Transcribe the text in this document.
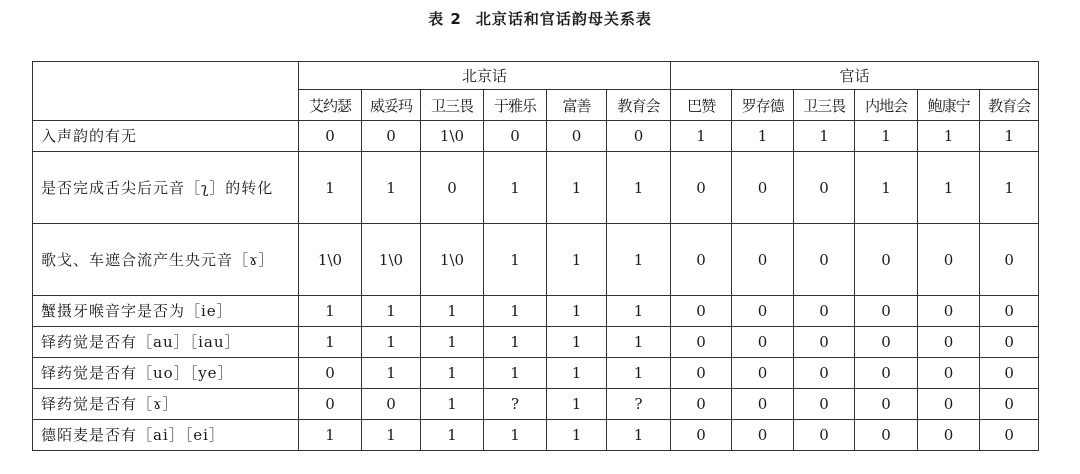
表 2 北京话和官话韵母关系表
	北京话						官话					
	艾约瑟	威妥玛	卫三畏	于雅乐	富善	教育会	巴赞	罗存德	卫三畏	内地会	鲍康宁	教育会
入声韵的有无	0	0	1\0	0	0	0	1	1	1	1	1	1
是否完成舌尖后元音［ʅ］的转化	1	1	0	1	1	1	0	0	0	1	1	1
歌戈、车遮合流产生央元音［ɤ］	1\0	1\0	1\0	1	1	1	0	0	0	0	0	0
蟹摄牙喉音字是否为［ie］	1	1	1	1	1	1	0	0	0	0	0	0
铎药觉是否有［au］［iau］	1	1	1	1	1	1	0	0	0	0	0	0
铎药觉是否有［uo］［ye］	0	1	1	1	1	1	0	0	0	0	0	0
铎药觉是否有［ɤ］	0	0	1	?	1	?	0	0	0	0	0	0
德陌麦是否有［ai］［ei］	1	1	1	1	1	1	0	0	0	0	0	0
